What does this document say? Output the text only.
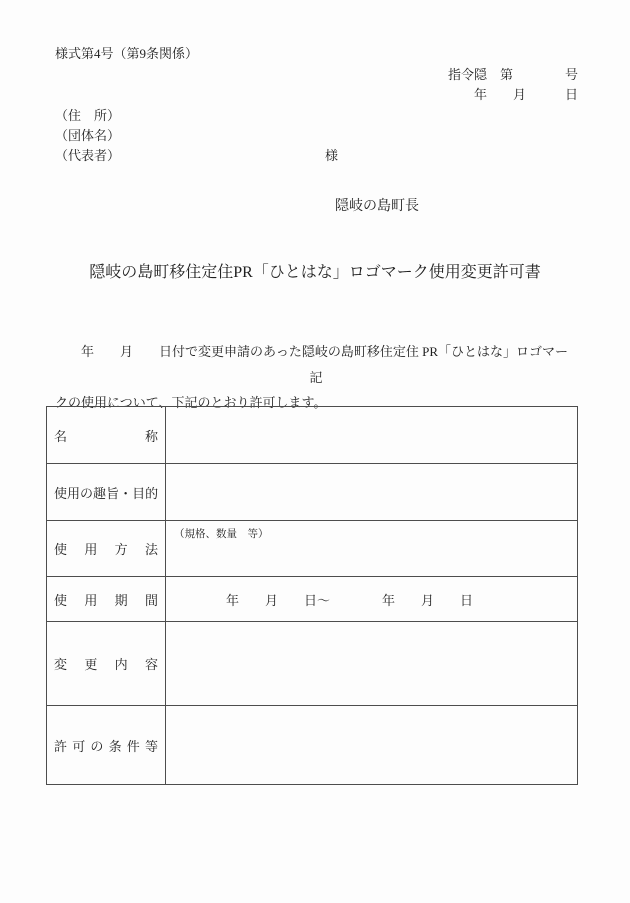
様式第4号（第9条関係）
指令隠　第　　　　号
年　　月　　　日
（住　所）
（団体名）
（代表者）	様
隠岐の島町長
隠岐の島町移住定住PR「ひとはな」ロゴマーク使用変更許可書

　　年　　月　　日付で変更申請のあった隠岐の島町移住定住 PR「ひとはな」ロゴマー

クの使用について、下記のとおり許可します。

記
名 称	

使 用 の 趣 旨 ・ 目 的

使 用 方 法	（規格、数量　等）

使 用 期 間	年　　月　　日～　　　　年　　月　　日

変 更 内 容	

許 可 の 条 件 等
